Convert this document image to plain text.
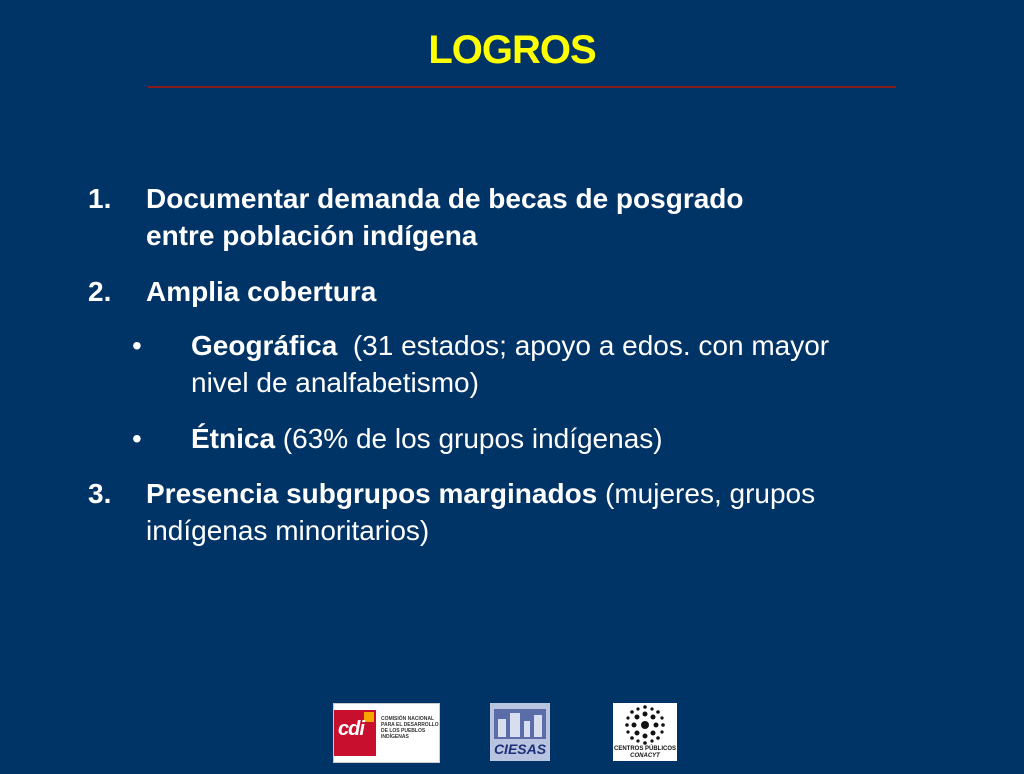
LOGROS
1. Documentar demanda de becas de posgrado
entre población indígena
2. Amplia cobertura
• Geográfica  (31 estados; apoyo a edos. con mayor
nivel de analfabetismo)
• Étnica (63% de los grupos indígenas)
3. Presencia subgrupos marginados (mujeres, grupos
indígenas minoritarios)
cdi	COMISIÓN NACIONAL PARA EL DESARROLLO DE LOS PUEBLOS INDÍGENAS
CIESAS	CENTROS PÚBLICOS
CONACYT
